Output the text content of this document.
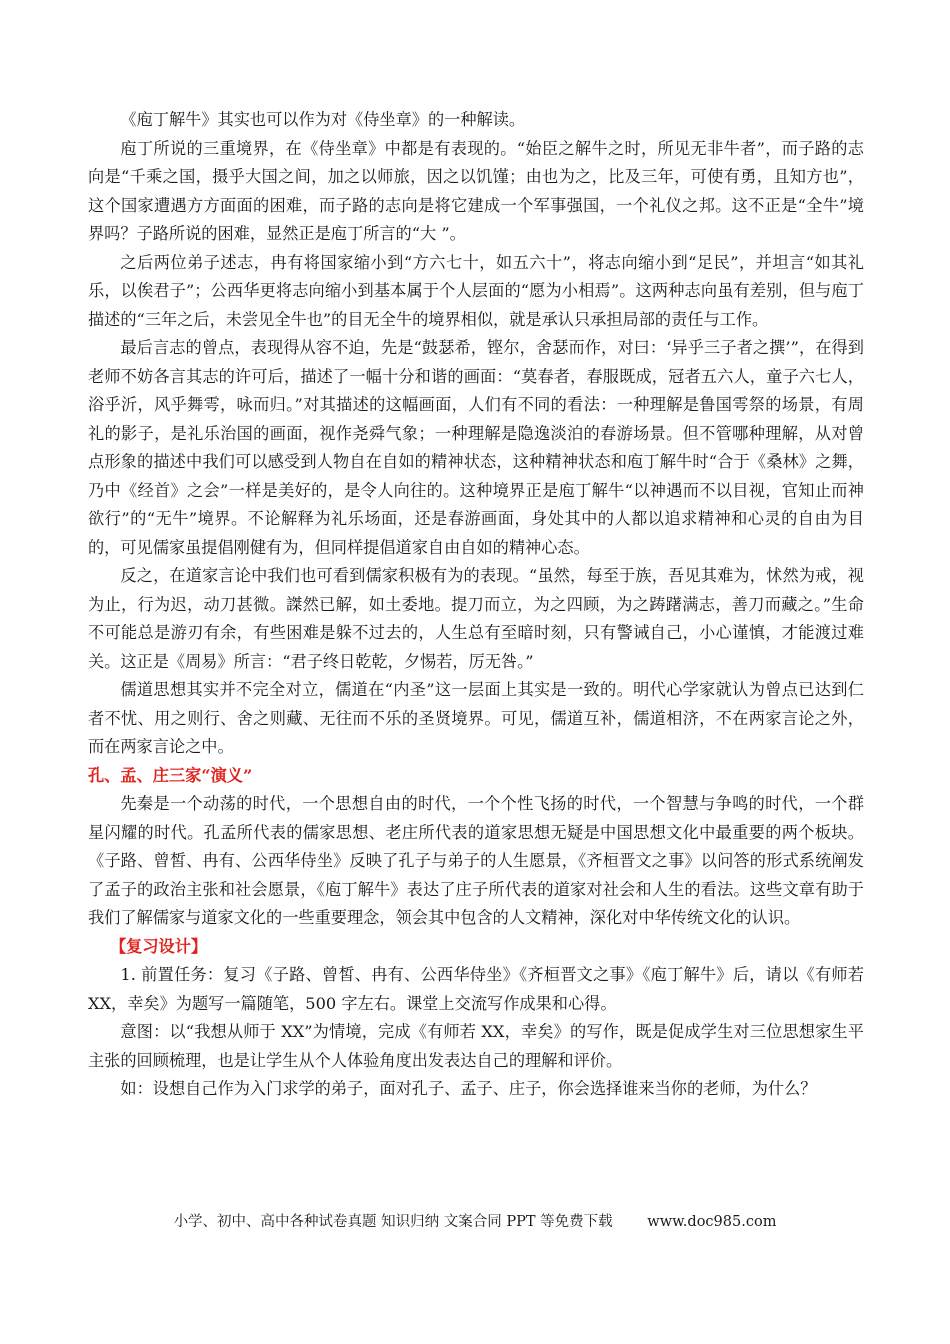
《庖丁解牛》其实也可以作为对《侍坐章》的一种解读。

庖丁所说的三重境界，在《侍坐章》中都是有表现的。“始臣之解牛之时，所见无非牛者”，而子路的志向是“千乘之国，摄乎大国之间，加之以师旅，因之以饥馑；由也为之，比及三年，可使有勇，且知方也”，这个国家遭遇方方面面的困难，而子路的志向是将它建成一个军事强国，一个礼仪之邦。这不正是“全牛”境界吗？子路所说的困难，显然正是庖丁所言的“大 ”。

之后两位弟子述志，冉有将国家缩小到“方六七十，如五六十”，将志向缩小到“足民”，并坦言“如其礼乐，以俟君子”；公西华更将志向缩小到基本属于个人层面的“愿为小相焉”。这两种志向虽有差别，但与庖丁描述的“三年之后，未尝见全牛也”的目无全牛的境界相似，就是承认只承担局部的责任与工作。

最后言志的曾点，表现得从容不迫，先是“鼓瑟希，铿尔，舍瑟而作，对曰：‘异乎三子者之撰’”，在得到老师不妨各言其志的许可后，描述了一幅十分和谐的画面：“莫春者，春服既成，冠者五六人，童子六七人，浴乎沂，风乎舞雩，咏而归。”对其描述的这幅画面，人们有不同的看法：一种理解是鲁国雩祭的场景，有周礼的影子，是礼乐治国的画面，视作尧舜气象；一种理解是隐逸淡泊的春游场景。但不管哪种理解，从对曾点形象的描述中我们可以感受到人物自在自如的精神状态，这种精神状态和庖丁解牛时“合于《桑林》之舞，乃中《经首》之会”一样是美好的，是令人向往的。这种境界正是庖丁解牛“以神遇而不以目视，官知止而神欲行”的“无牛”境界。不论解释为礼乐场面，还是春游画面，身处其中的人都以追求精神和心灵的自由为目的，可见儒家虽提倡刚健有为，但同样提倡道家自由自如的精神心态。

反之，在道家言论中我们也可看到儒家积极有为的表现。“虽然，每至于族，吾见其难为，怵然为戒，视为止，行为迟，动刀甚微。謋然已解，如土委地。提刀而立，为之四顾，为之踌躇满志，善刀而藏之。”生命不可能总是游刃有余，有些困难是躲不过去的，人生总有至暗时刻，只有警诫自己，小心谨慎，才能渡过难关。这正是《周易》所言：“君子终日乾乾，夕惕若，厉无咎。”

儒道思想其实并不完全对立，儒道在“内圣”这一层面上其实是一致的。明代心学家就认为曾点已达到仁者不忧、用之则行、舍之则藏、无往而不乐的圣贤境界。可见，儒道互补，儒道相济，不在两家言论之外，而在两家言论之中。

孔、孟、庄三家“演义”

先秦是一个动荡的时代，一个思想自由的时代，一个个性飞扬的时代，一个智慧与争鸣的时代，一个群星闪耀的时代。孔孟所代表的儒家思想、老庄所代表的道家思想无疑是中国思想文化中最重要的两个板块。《子路、曾皙、冉有、公西华侍坐》反映了孔子与弟子的人生愿景，《齐桓晋文之事》以问答的形式系统阐发了孟子的政治主张和社会愿景，《庖丁解牛》表达了庄子所代表的道家对社会和人生的看法。这些文章有助于我们了解儒家与道家文化的一些重要理念，领会其中包含的人文精神，深化对中华传统文化的认识。

【复习设计】

1. 前置任务：复习《子路、曾皙、冉有、公西华侍坐》《齐桓晋文之事》《庖丁解牛》后，请以《有师若 XX，幸矣》为题写一篇随笔，500 字左右。课堂上交流写作成果和心得。

意图：以“我想从师于 XX”为情境，完成《有师若 XX，幸矣》的写作，既是促成学生对三位思想家生平主张的回顾梳理，也是让学生从个人体验角度出发表达自己的理解和评价。

如：设想自己作为入门求学的弟子，面对孔子、孟子、庄子，你会选择谁来当你的老师，为什么？

小学、初中、高中各种试卷真题 知识归纳 文案合同 PPT 等免费下载 www.doc985.com
